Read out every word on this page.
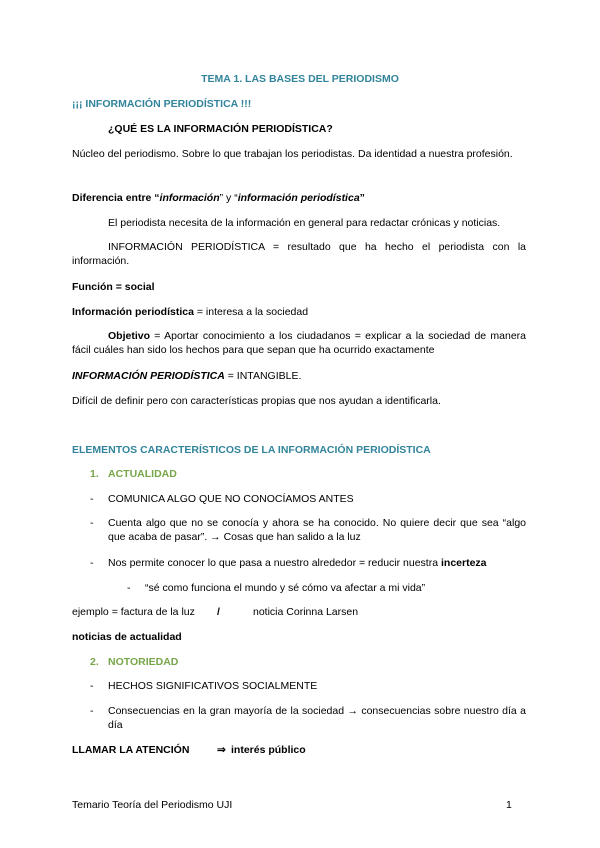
TEMA 1. LAS BASES DEL PERIODISMO
¡¡¡ INFORMACIÓN PERIODÍSTICA !!!
¿QUÉ ES LA INFORMACIÓN PERIODÍSTICA?
Núcleo del periodismo. Sobre lo que trabajan los periodistas. Da identidad a nuestra profesión.
Diferencia entre “información” y “información periodística”
El periodista necesita de la información en general para redactar crónicas y noticias.
INFORMACIÓN PERIODÍSTICA = resultado que ha hecho el periodista con la información.
Función = social
Información periodística = interesa a la sociedad
Objetivo = Aportar conocimiento a los ciudadanos = explicar a la sociedad de manera fácil cuáles han sido los hechos para que sepan que ha ocurrido exactamente
INFORMACIÓN PERIODÍSTICA = INTANGIBLE.
Difícil de definir pero con características propias que nos ayudan a identificarla.
ELEMENTOS CARACTERÍSTICOS DE LA INFORMACIÓN PERIODÍSTICA
1. ACTUALIDAD
- COMUNICA ALGO QUE NO CONOCÍAMOS ANTES
- Cuenta algo que no se conocía y ahora se ha conocido. No quiere decir que sea “algo que acaba de pasar”. → Cosas que han salido a la luz
- Nos permite conocer lo que pasa a nuestro alrededor = reducir nuestra incerteza
- “sé como funciona el mundo y sé cómo va afectar a mi vida”
ejemplo = factura de la luz /	noticia Corinna Larsen
noticias de actualidad
2. NOTORIEDAD
- HECHOS SIGNIFICATIVOS SOCIALMENTE
- Consecuencias en la gran mayoría de la sociedad → consecuencias sobre nuestro día a día
LLAMAR LA ATENCIÓN	⇒ interés público
Temario Teoría del Periodismo UJI	1
